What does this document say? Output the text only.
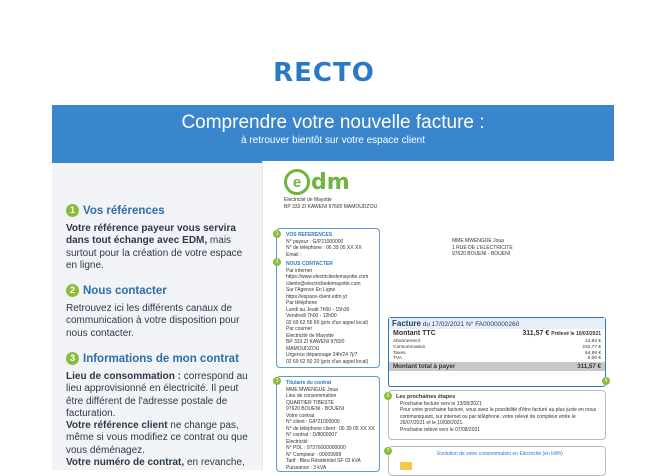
RECTO
Comprendre votre nouvelle facture :
à retrouver bientôt sur votre espace client
1 Vos références
Votre référence payeur vous servira dans tout échange avec EDM, mais surtout pour la création de votre espace en ligne.
2 Nous contacter
Retrouvez ici les différents canaux de communication à votre disposition pour nous contacter.
3 Informations de mon contrat
Lieu de consommation : correspond au lieu approvisionné en électricité. Il peut être différent de l'adresse postale de facturation.
Votre référence client ne change pas, même si vous modifiez ce contrat ou que vous déménagez.
Votre numéro de contrat, en revanche,
e dm
Electricité de Mayotte
BP 333 ZI KAWENI 97600 MAMOUDZOU
1
2
VOS REFERENCES
N° payeur : G/P21000000
N° de téléphone : 06 39 05 XX XX
Email :
NOUS CONTACTER
Par internet
https://www.electricitedemayotte.com
clients@electricitedemayotte.com
Sur l'Agence En Ligne
https://espace-client.edm.yt
Par téléphone
Lundi au Jeudi 7h00 - 15h30
Vendredi 7h00 - 12h00
02 69 62 56 60 (prix d'un appel local)
Par courrier
Electricité de Mayotte
BP 333 ZI KAWENI 97600 MAMOUDZOU
Urgence dépannage 24h/24 7j/7
02 69 62 50 20 (prix d'un appel local)
MME MWENGUE Joua
1 RUE DE L'ELECTRICITE
97620 BOUENI - BOUENI
3	Titulaire du contrat
MME MWENGUE Joua
Lieu de consommation
QUARTIER TIBESTE
97620 BOUENI - BOUENI
Votre contrat
N° client : G/P21000000
N° de téléphone client : 06 39 05 XX XX
N° contrat : D/8000007
Electricité
N° PDL : 07376000000000
N° Compteur : 00009999
Tarif : Bleu Résidentiel SF 03 kVA
Puissance : 3 kVA
Facture du 17/02/2021 N° FA0000000260
Montant TTC	311,57 € Prélevé le 10/03/2021
Abonnement	13,82 €
Consommation	232,77 €
Taxes	64,98 €
TVA	0,00 €
Montant total à payer	311,57 €
5
6	Les prochaines étapes
Prochaine facture vers le 13/08/2021
Pour votre prochaine facture, vous avez la possibilité d'être facturé au plus juste en nous communiquant, sur internet ou par téléphone, votre relevé de compteur entre le 26/07/2021 et le 10/08/2021.
Prochaine relève vers le 07/08/2021
7	Evolution de votre consommation en Electricité (en kWh)
